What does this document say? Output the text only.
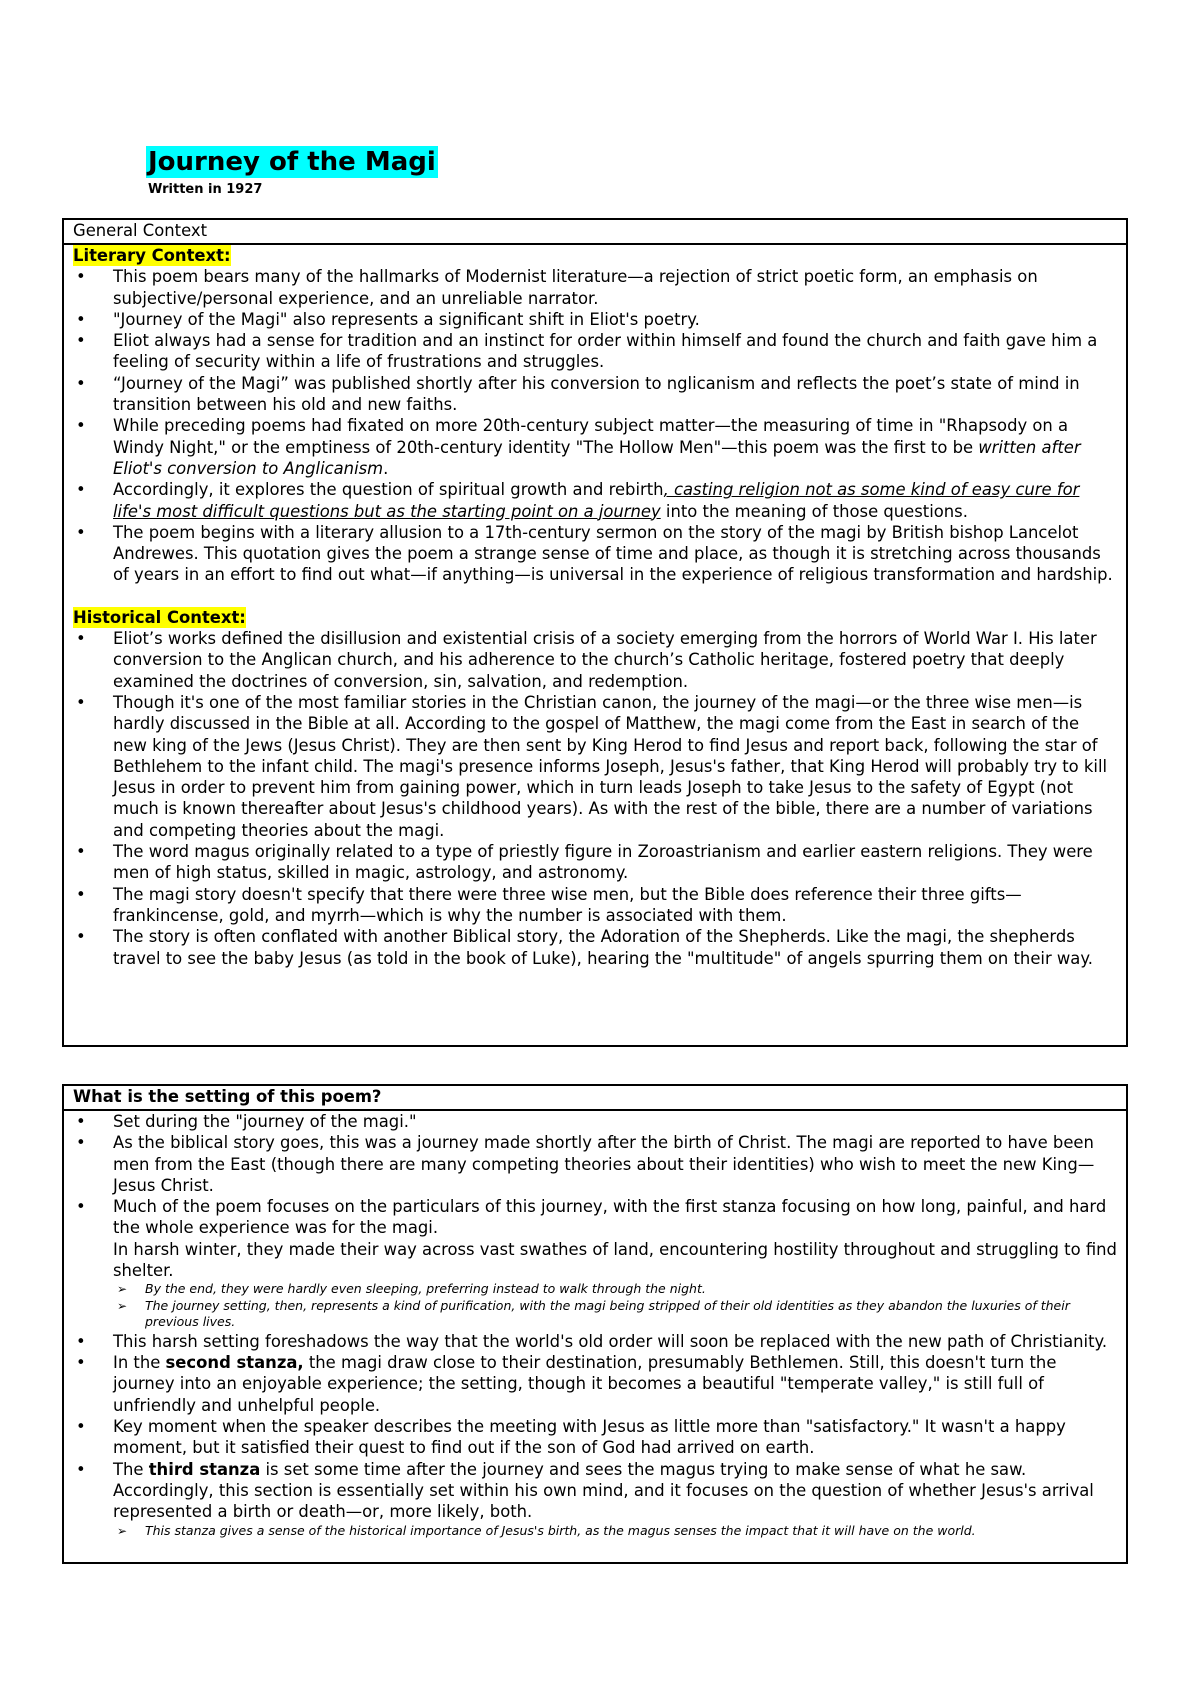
Journey of the Magi
Written in 1927
General Context
Literary Context:
• This poem bears many of the hallmarks of Modernist literature—a rejection of strict poetic form, an emphasis on subjective/personal experience, and an unreliable narrator.
• "Journey of the Magi" also represents a significant shift in Eliot's poetry.
• Eliot always had a sense for tradition and an instinct for order within himself and found the church and faith gave him a feeling of security within a life of frustrations and struggles.
• “Journey of the Magi” was published shortly after his conversion to nglicanism and reflects the poet’s state of mind in transition between his old and new faiths.
• While preceding poems had fixated on more 20th-century subject matter—the measuring of time in "Rhapsody on a Windy Night," or the emptiness of 20th-century identity "The Hollow Men"—this poem was the first to be written after Eliot's conversion to Anglicanism.
• Accordingly, it explores the question of spiritual growth and rebirth, casting religion not as some kind of easy cure for life's most difficult questions but as the starting point on a journey into the meaning of those questions.
• The poem begins with a literary allusion to a 17th-century sermon on the story of the magi by British bishop Lancelot Andrewes. This quotation gives the poem a strange sense of time and place, as though it is stretching across thousands of years in an effort to find out what—if anything—is universal in the experience of religious transformation and hardship.
Historical Context:
• Eliot’s works defined the disillusion and existential crisis of a society emerging from the horrors of World War I. His later conversion to the Anglican church, and his adherence to the church’s Catholic heritage, fostered poetry that deeply examined the doctrines of conversion, sin, salvation, and redemption.
• Though it's one of the most familiar stories in the Christian canon, the journey of the magi—or the three wise men—is hardly discussed in the Bible at all. According to the gospel of Matthew, the magi come from the East in search of the new king of the Jews (Jesus Christ). They are then sent by King Herod to find Jesus and report back, following the star of Bethlehem to the infant child. The magi's presence informs Joseph, Jesus's father, that King Herod will probably try to kill Jesus in order to prevent him from gaining power, which in turn leads Joseph to take Jesus to the safety of Egypt (not much is known thereafter about Jesus's childhood years). As with the rest of the bible, there are a number of variations and competing theories about the magi.
• The word magus originally related to a type of priestly figure in Zoroastrianism and earlier eastern religions. They were men of high status, skilled in magic, astrology, and astronomy.
• The magi story doesn't specify that there were three wise men, but the Bible does reference their three gifts—frankincense, gold, and myrrh—which is why the number is associated with them.
• The story is often conflated with another Biblical story, the Adoration of the Shepherds. Like the magi, the shepherds travel to see the baby Jesus (as told in the book of Luke), hearing the "multitude" of angels spurring them on their way.
What is the setting of this poem?
• Set during the "journey of the magi."
• As the biblical story goes, this was a journey made shortly after the birth of Christ. The magi are reported to have been men from the East (though there are many competing theories about their identities) who wish to meet the new King—Jesus Christ.
• Much of the poem focuses on the particulars of this journey, with the first stanza focusing on how long, painful, and hard the whole experience was for the magi.
In harsh winter, they made their way across vast swathes of land, encountering hostility throughout and struggling to find shelter.
➢ By the end, they were hardly even sleeping, preferring instead to walk through the night.
➢ The journey setting, then, represents a kind of purification, with the magi being stripped of their old identities as they abandon the luxuries of their previous lives.
• This harsh setting foreshadows the way that the world's old order will soon be replaced with the new path of Christianity.
• In the second stanza, the magi draw close to their destination, presumably Bethlemen. Still, this doesn't turn the journey into an enjoyable experience; the setting, though it becomes a beautiful "temperate valley," is still full of unfriendly and unhelpful people.
• Key moment when the speaker describes the meeting with Jesus as little more than "satisfactory." It wasn't a happy moment, but it satisfied their quest to find out if the son of God had arrived on earth.
• The third stanza is set some time after the journey and sees the magus trying to make sense of what he saw. Accordingly, this section is essentially set within his own mind, and it focuses on the question of whether Jesus's arrival represented a birth or death—or, more likely, both.
➢ This stanza gives a sense of the historical importance of Jesus's birth, as the magus senses the impact that it will have on the world.
